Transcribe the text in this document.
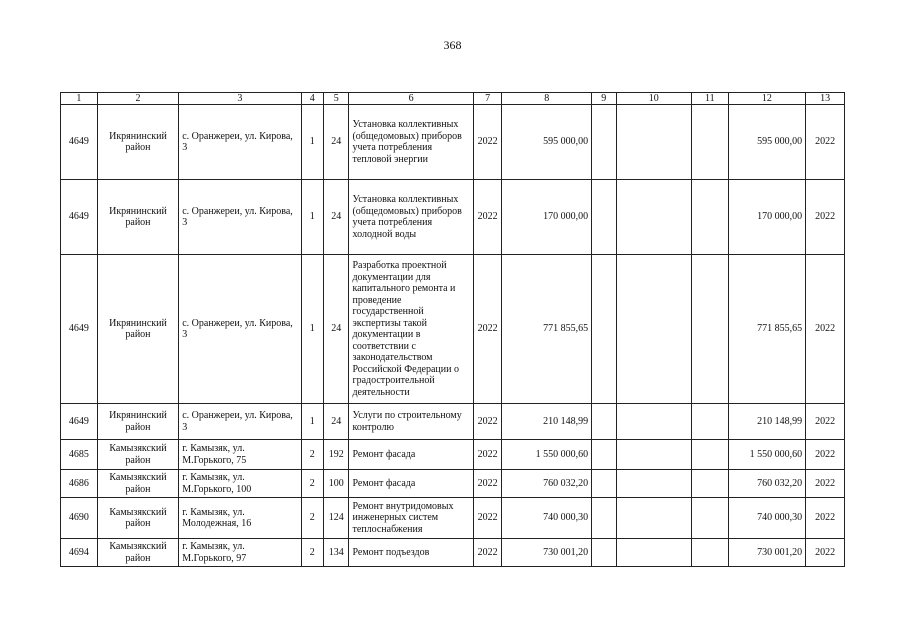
368
1	2	3	4	5	6	7	8	9	10	11	12	13
4649	Икрянинский район	с. Оранжереи, ул. Кирова, 3	1	24	Установка коллективных (общедомовых) приборов учета потребления тепловой энергии	2022	595 000,00				595 000,00	2022
4649	Икрянинский район	с. Оранжереи, ул. Кирова, 3	1	24	Установка коллективных (общедомовых) приборов учета потребления холодной воды	2022	170 000,00				170 000,00	2022
4649	Икрянинский район	с. Оранжереи, ул. Кирова, 3	1	24	Разработка проектной документации для капитального ремонта и проведение государственной экспертизы такой документации в соответствии с законодательством Российской Федерации о градостроительной деятельности	2022	771 855,65				771 855,65	2022
4649	Икрянинский район	с. Оранжереи, ул. Кирова, 3	1	24	Услуги по строительному контролю	2022	210 148,99				210 148,99	2022
4685	Камызякский район	г. Камызяк, ул. М.Горького, 75	2	192	Ремонт фасада	2022	1 550 000,60				1 550 000,60	2022
4686	Камызякский район	г. Камызяк, ул. М.Горького, 100	2	100	Ремонт фасада	2022	760 032,20				760 032,20	2022
4690	Камызякский район	г. Камызяк, ул. Молодежная, 16	2	124	Ремонт внутридомовых инженерных систем теплоснабжения	2022	740 000,30				740 000,30	2022
4694	Камызякский район	г. Камызяк, ул. М.Горького, 97	2	134	Ремонт подъездов	2022	730 001,20				730 001,20	2022
